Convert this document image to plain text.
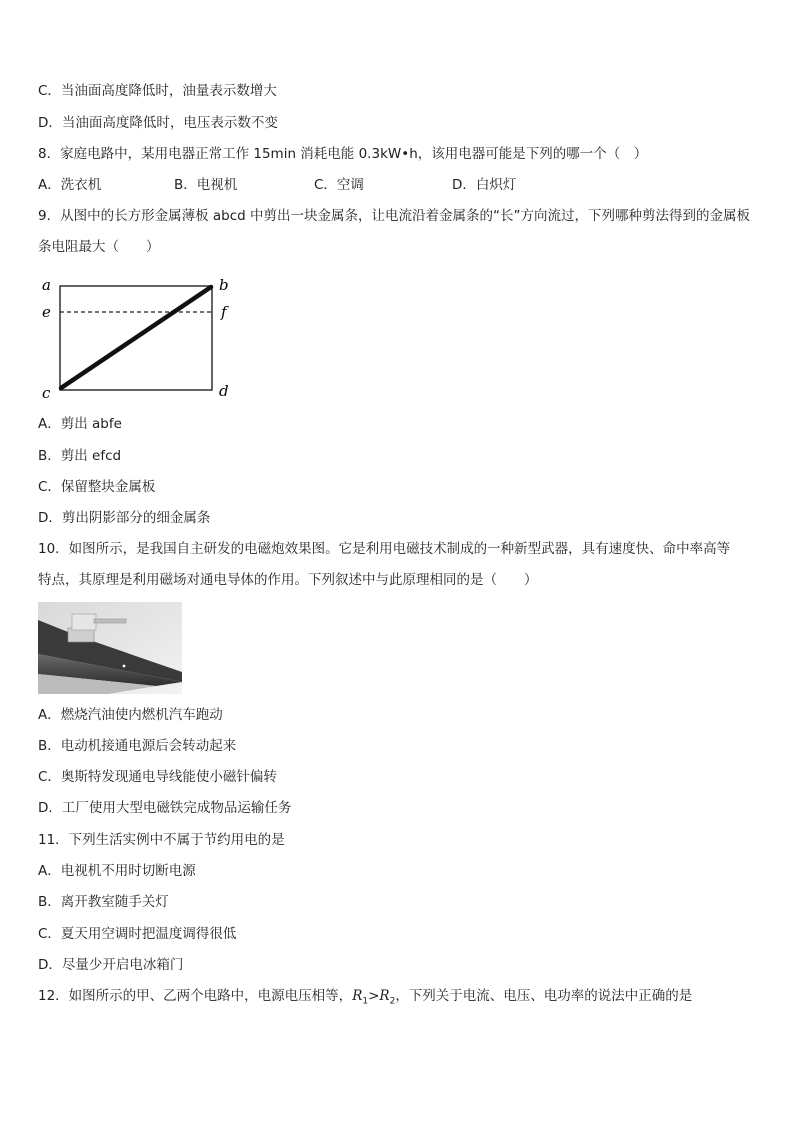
C．当油面高度降低时，油量表示数增大
D．当油面高度降低时，电压表示数不变
8．家庭电路中，某用电器正常工作 15min 消耗电能 0.3kW•h，该用电器可能是下列的哪一个（　）
A．洗衣机	B．电视机	C．空调	D．白炽灯
9．从图中的长方形金属薄板 abcd 中剪出一块金属条，让电流沿着金属条的“长”方向流过，下列哪种剪法得到的金属板
条电阻最大（　　）
a
e
c
b
f
d
A．剪出 abfe
B．剪出 efcd
C．保留整块金属板
D．剪出阴影部分的细金属条
10．如图所示，是我国自主研发的电磁炮效果图。它是利用电磁技术制成的一种新型武器，具有速度快、命中率高等
特点，其原理是利用磁场对通电导体的作用。下列叙述中与此原理相同的是（　　）
A．燃烧汽油使内燃机汽车跑动
B．电动机接通电源后会转动起来
C．奥斯特发现通电导线能使小磁针偏转
D．工厂使用大型电磁铁完成物品运输任务
11．下列生活实例中不属于节约用电的是
A．电视机不用时切断电源
B．离开教室随手关灯
C．夏天用空调时把温度调得很低
D．尽量少开启电冰箱门
12．如图所示的甲、乙两个电路中，电源电压相等，$R_1>R_2$，下列关于电流、电压、电功率的说法中正确的是
